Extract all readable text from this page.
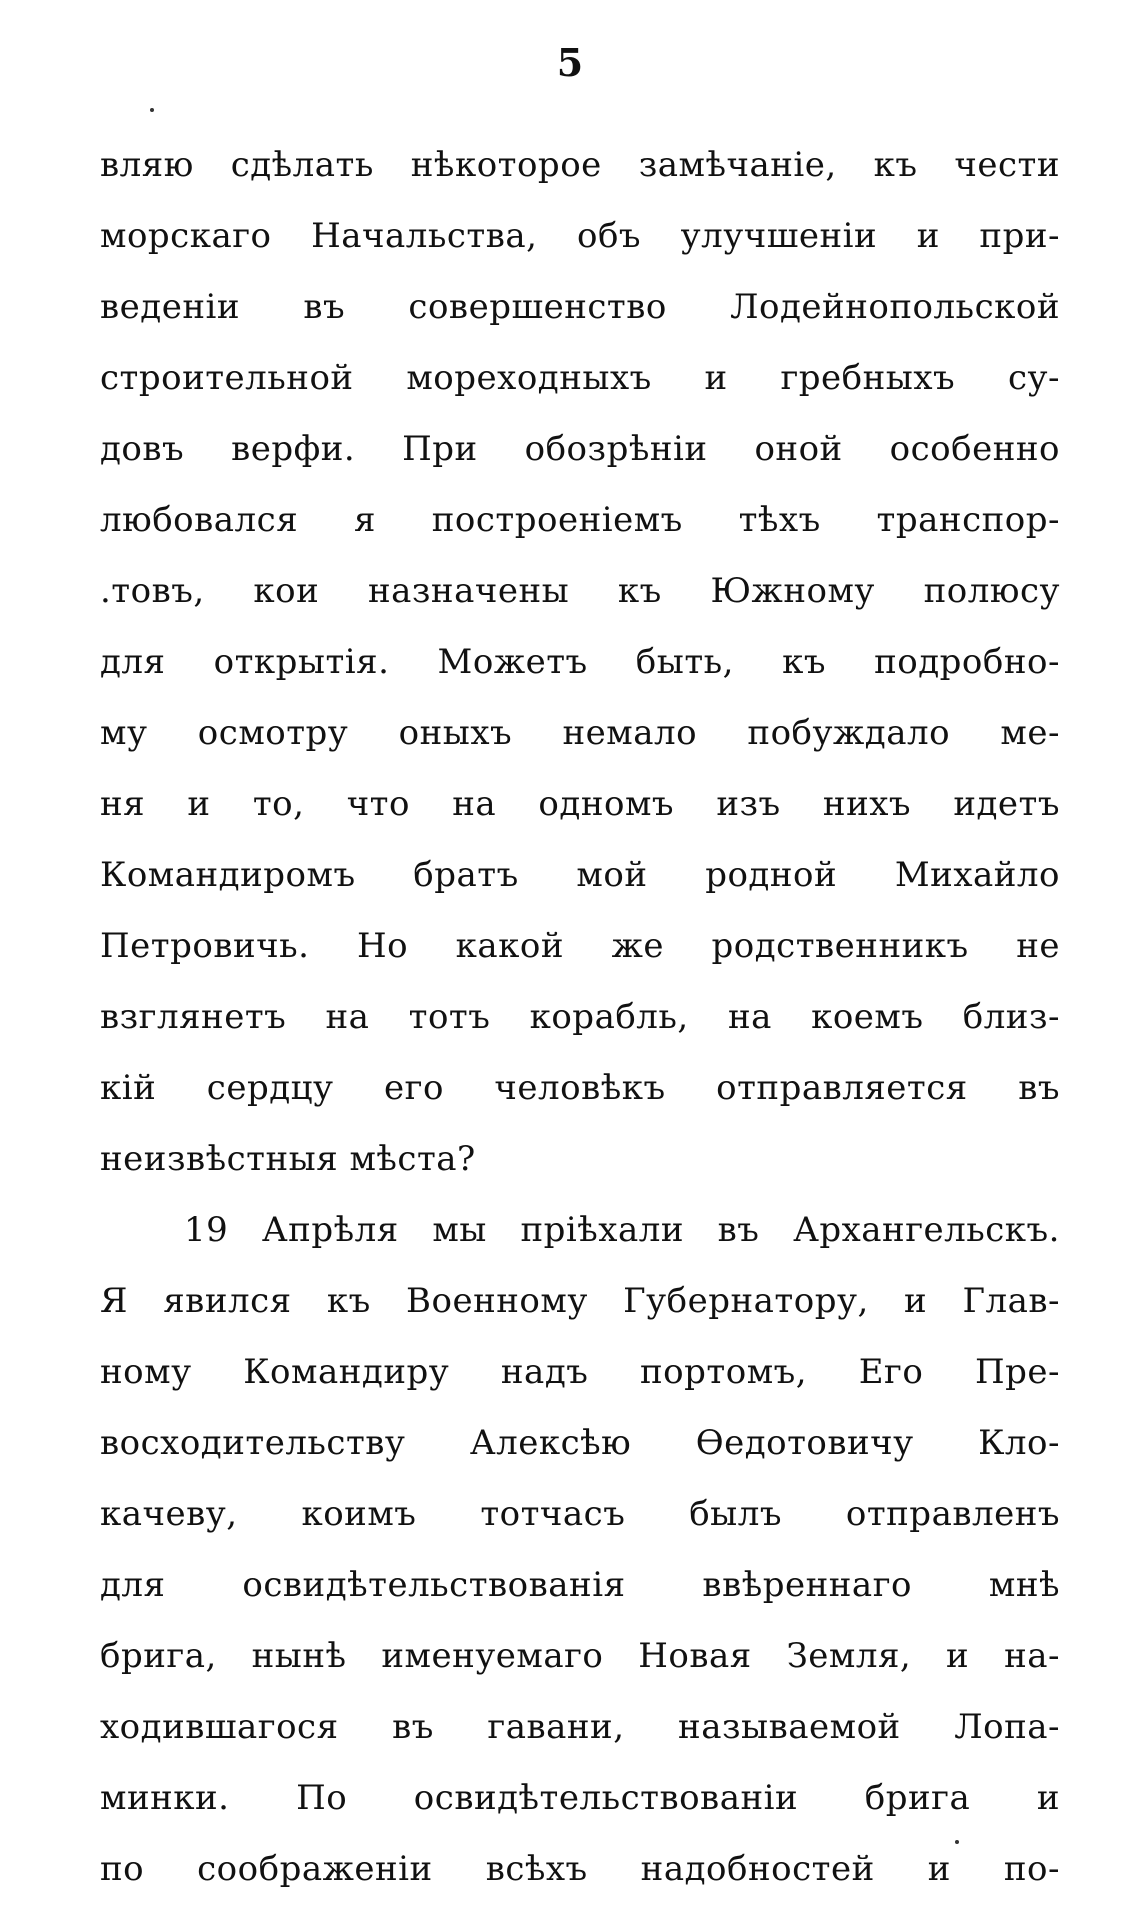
5
вляю сдѣлать нѣкоторое замѣчаніе, къ чести
морскаго Начальства, объ улучшеніи и при-
веденіи въ совершенство Лодейнопольской
строительной мореходныхъ и гребныхъ су-
довъ верфи. При обозрѣніи оной особенно
любовался я построеніемъ тѣхъ транспор-
.товъ, кои назначены къ Южному полюсу
для открытія. Можетъ быть, къ подробно-
му осмотру оныхъ немало побуждало ме-
ня и то, что на одномъ изъ нихъ идетъ
Командиромъ братъ мой родной Михайло
Петровичь. Но какой же родственникъ не
взглянетъ на тотъ корабль, на коемъ близ-
кій сердцу его человѣкъ отправляется въ
неизвѣстныя мѣста?
19 Апрѣля мы пріѣхали въ Архангельскъ.
Я явился къ Военному Губернатору, и Глав-
ному Командиру надъ портомъ, Его Пре-
восходительству Алексѣю Ѳедотовичу Кло-
качеву, коимъ тотчасъ былъ отправленъ
для освидѣтельствованія ввѣреннаго мнѣ
брига, нынѣ именуемаго Новая Земля, и на-
ходившагося въ гавани, называемой Лопа-
минки. По освидѣтельствованіи брига и
по соображеніи всѣхъ надобностей и по-
